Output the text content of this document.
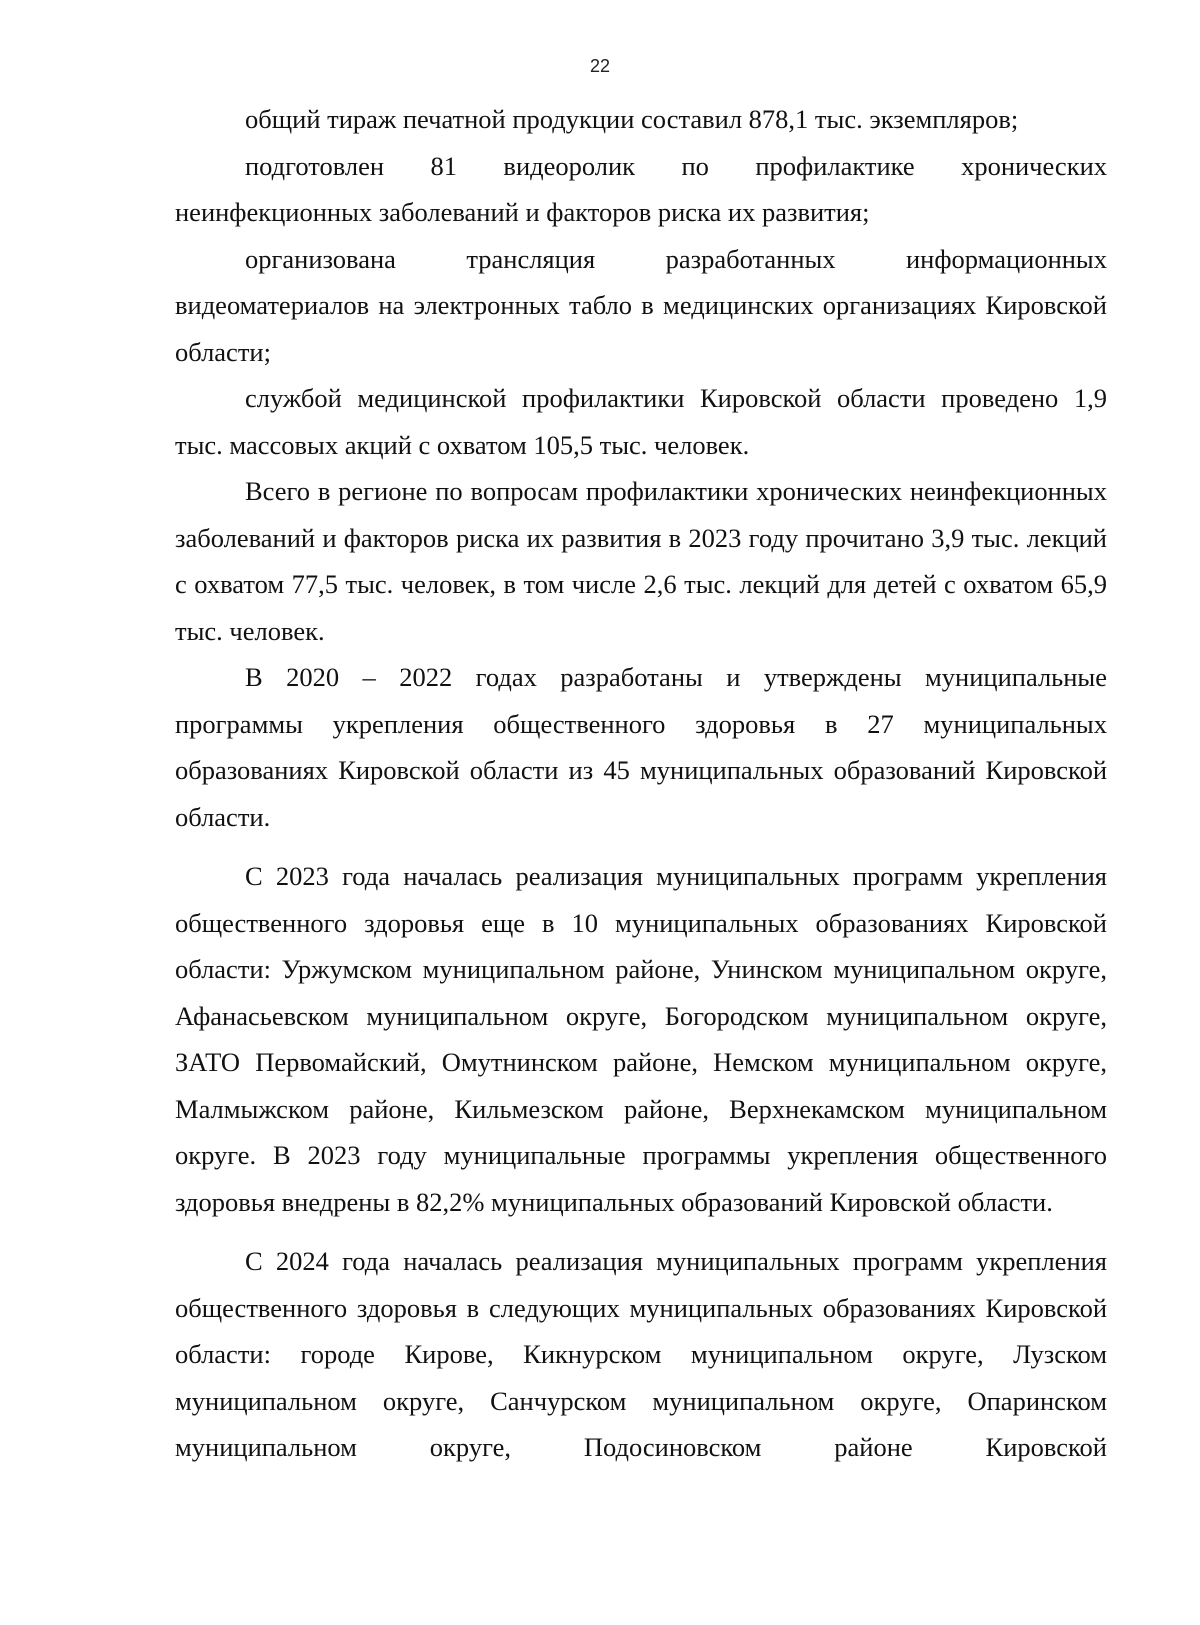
22

общий тираж печатной продукции составил 878,1 тыс. экземпляров;

подготовлен 81 видеоролик по профилактике хронических неинфекционных заболеваний и факторов риска их развития;

организована трансляция разработанных информационных видеоматериалов на электронных табло в медицинских организациях Кировской области;

службой медицинской профилактики Кировской области проведено 1,9 тыс. массовых акций с охватом 105,5 тыс. человек.

Всего в регионе по вопросам профилактики хронических неинфекционных заболеваний и факторов риска их развития в 2023 году прочитано 3,9 тыс. лекций с охватом 77,5 тыс. человек, в том числе 2,6 тыс. лекций для детей с охватом 65,9 тыс. человек.

В 2020 – 2022 годах разработаны и утверждены муниципальные программы укрепления общественного здоровья в 27 муниципальных образованиях Кировской области из 45 муниципальных образований Кировской области.

С 2023 года началась реализация муниципальных программ укрепления общественного здоровья еще в 10 муниципальных образованиях Кировской области: Уржумском муниципальном районе, Унинском муниципальном округе, Афанасьевском муниципальном округе, Богородском муниципальном округе, ЗАТО Первомайский, Омутнинском районе, Немском муниципальном округе, Малмыжском районе, Кильмезском районе, Верхнекамском муниципальном округе. В 2023 году муниципальные программы укрепления общественного здоровья внедрены в 82,2% муниципальных образований Кировской области.

С 2024 года началась реализация муниципальных программ укрепления общественного здоровья в следующих муниципальных образованиях Кировской области: городе Кирове, Кикнурском муниципальном округе, Лузском муниципальном округе, Санчурском муниципальном округе, Опаринском муниципальном округе, Подосиновском районе Кировской
